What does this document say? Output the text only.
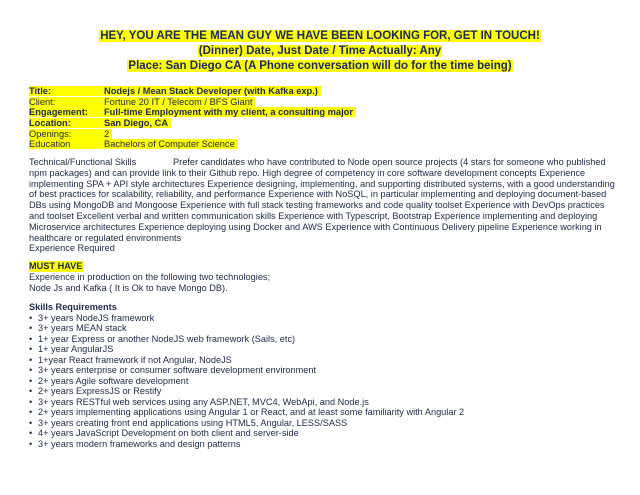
HEY, YOU ARE THE MEAN GUY WE HAVE BEEN LOOKING FOR, GET IN TOUCH!
(Dinner) Date, Just Date / Time Actually: Any
Place: San Diego CA (A Phone conversation will do for the time being)
Title:	Nodejs / Mean Stack Developer (with Kafka exp.)
Client:	Fortune 20 IT / Telecom / BFS Giant
Engagement: Full-time Employment with my client, a consulting major
Location:	San Diego, CA
Openings:	2
Education	Bachelors of Computer Science
Technical/Functional Skills	Prefer candidates who have contributed to Node open source projects (4 stars for someone who published npm packages) and can provide link to their Github repo. High degree of competency in core software development concepts Experience implementing SPA + API style architectures Experience designing, implementing, and supporting distributed systems, with a good understanding of best practices for scalability, reliability, and performance Experience with NoSQL, in particular implementing and deploying document-based DBs using MongoDB and Mongoose Experience with full stack testing frameworks and code quality toolset Experience with DevOps practices and toolset Excellent verbal and written communication skills Experience with Typescript, Bootstrap Experience implementing and deploying Microservice architectures Experience deploying using Docker and AWS Experience with Continuous Delivery pipeline Experience working in healthcare or regulated environments
Experience Required
MUST HAVE
Experience in production on the following two technologies;
Node Js and Kafka ( It is Ok to have Mongo DB).
Skills Requirements
• 3+ years NodeJS framework
• 3+ years MEAN stack
• 1+ year Express or another NodeJS web framework (Sails, etc)
• 1+ year AngularJS
• 1+year React framework if not Angular, NodeJS
• 3+ years enterprise or consumer software development environment
• 2+ years Agile software development
• 2+ years ExpressJS or Restify
• 3+ years RESTful web services using any ASP.NET, MVC4, WebApi, and Node.js
• 2+ years implementing applications using Angular 1 or React, and at least some familiarity with Angular 2
• 3+ years creating front end applications using HTML5, Angular, LESS/SASS
• 4+ years JavaScript Development on both client and server-side
• 3+ years modern frameworks and design patterns
